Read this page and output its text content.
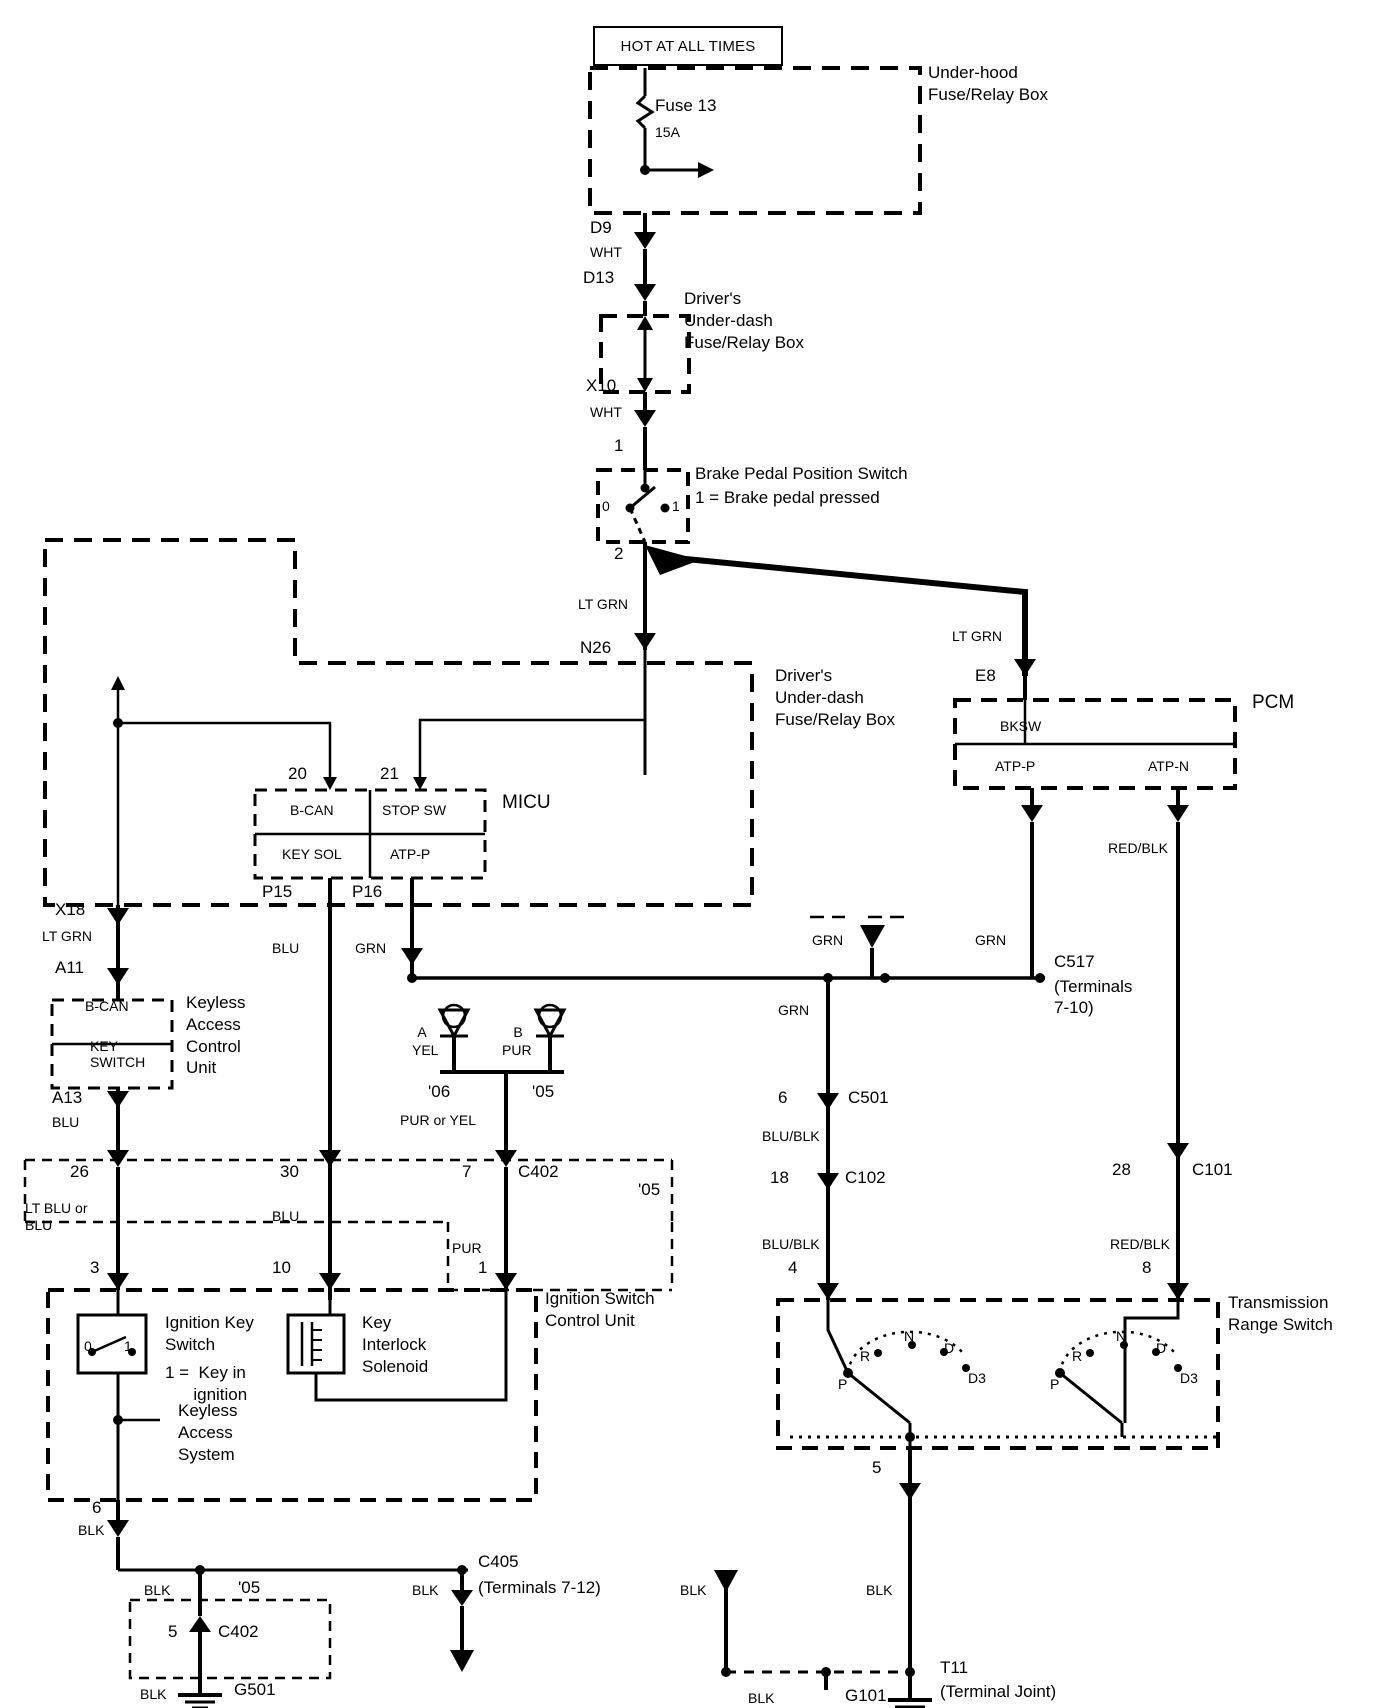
HOT AT ALL TIMES
Under-hood
Fuse/Relay Box
Fuse 13
15A
D9
WHT
D13
Driver's
Under-dash
Fuse/Relay Box
X10
WHT
1
0	1
2
Brake Pedal Position Switch
1 = Brake pedal pressed
LT GRN
N26
LT GRN
E8
Driver's
Under-dash
Fuse/Relay Box
PCM
BKSW
ATP-P	ATP-N
20	21
B-CAN	STOP SW
KEY SOL	ATP-P
MICU
P15	P16
X18
LT GRN
A11
BLU	GRN	GRN	GRN
RED/BLK
C517
(Terminals
7-10)
B-CAN
KEY
SWITCH
Keyless
Access
Control
Unit
A13
BLU
A	B
YEL	PUR
'06	'05
PUR or YEL
GRN
6	C501
BLU/BLK
18	C102
BLU/BLK
28	C101
RED/BLK
26	30	7	C402
'05
LT BLU or
BLU
BLU
PUR
3	10	1
Ignition Switch
Control Unit
0 1
Ignition Key
Switch
1 =  Key in
ignition
Key
Interlock
Solenoid
Keyless
Access
System
4	8
Transmission
Range Switch
P
R
N
D
D3	P
R
N
D
D3
5
6
BLK
C405
(Terminals 7-12)
BLK
BLK	'05
5 C402
BLK	G501
BLK	BLK
BLK
T11
(Terminal Joint)
G101
